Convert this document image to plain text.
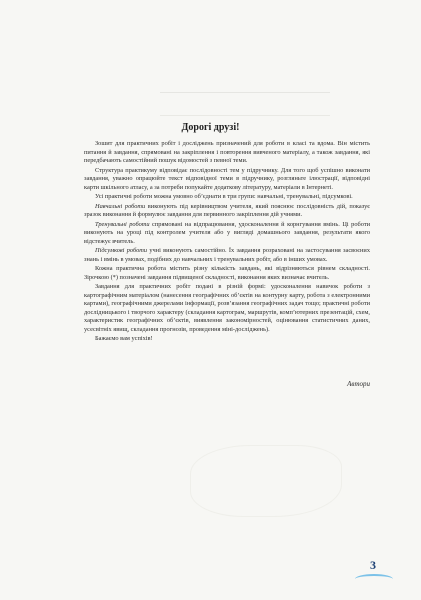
Дорогі друзі!

Зошит для практичних робіт і досліджень призначений для роботи в класі та вдома. Він містить питання й завдання, спрямовані на закріплення і повторення вивченого матеріалу, а також завдання, які передбачають самостійний пошук відомостей з певної теми.

Структура практикуму відповідає послідовності тем у підручнику. Для того щоб успішно виконати завдання, уважно опрацюйте текст відповідної теми в підручнику, розгляньте ілюстрації, відповідні карти шкільного атласу, а за потреби попукайте додаткову літературу, матеріали в Інтернеті.

Усі практичні роботи можна умовно об’єднати в три групи: навчальні, тренувальні, підсумкові.

Навчальні роботи виконують під керівництвом учителя, який пояснює послідовність дій, показує зразок виконання й формулює завдання для первинного закріплення дій учнями.

Тренувальні роботи спрямовані на відпрацювання, удосконалення й корнгування вмінь. Ці роботи виконують на уроці під контролем учителя або у вигляді домашнього завдання, результати якого відстежує вчитель.

Підсумкові роботи учні виконують самостійно. Їх завдання розраховані на застосування засвоєних знань і вмінь в умовах, подібних до навчальних і тренувальних робіт, або в інших умовах.

Кожна практична робота містить різну кількість завдань, які відрізняються рівнем складності. Зірочкою (*) позначені завдання підвищеної складності, виконання яких визначає вчитель.

Завдання для практичних робіт подані в різній формі: удосконалення навичок роботи з картографічним матеріалом (нанесення географічних об’єктів на контурну карту, робота з електронними картами), географічними джерелами інформації, розв’язання географічних задач тощо; практичні роботи дослідницького і творчого характеру (складання картограм, маршрутів, комп’ютерних презентацій, схем, характеристик географічних об’єктів, виявлення закономірностей, оцінювання статистичних даних, усесвітніх явищ, складання прогнозів, проведення міні-досліджень).

Бажаємо вам успіхів!

Автори
3
